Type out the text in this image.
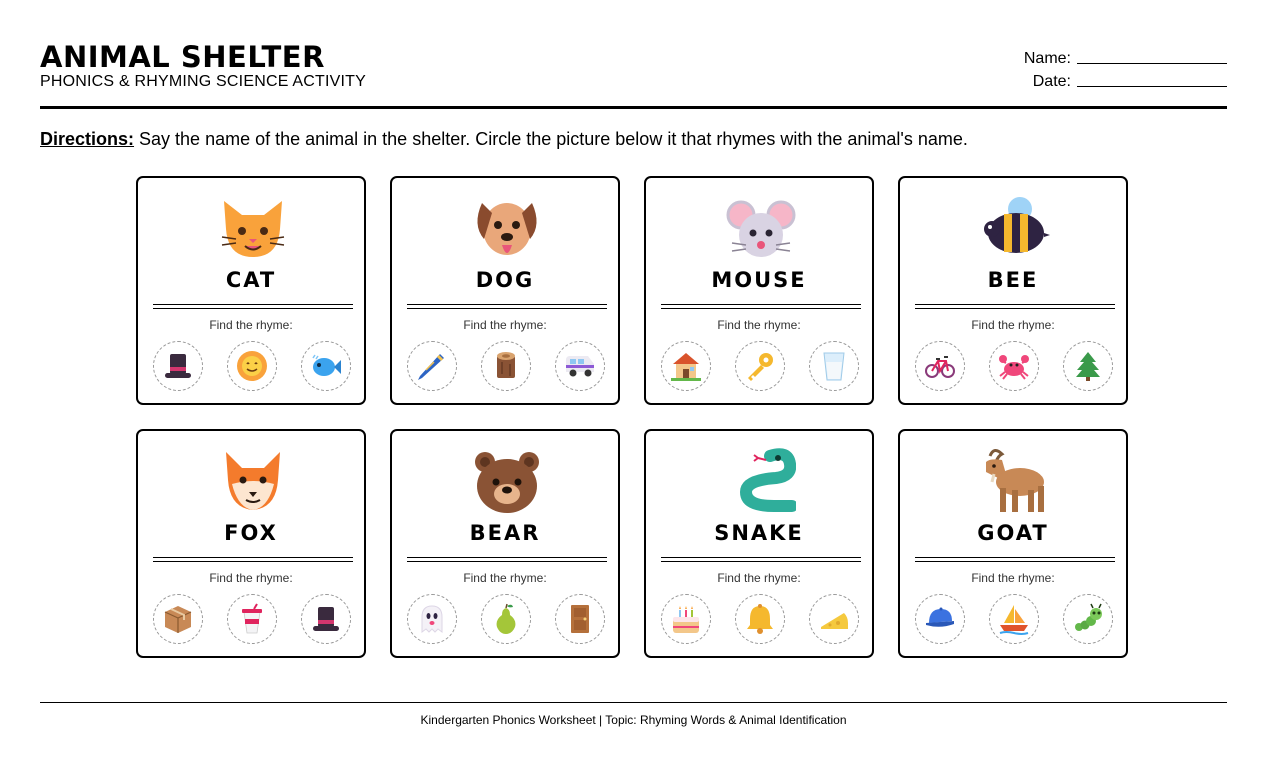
ANIMAL SHELTER
PHONICS & RHYMING SCIENCE ACTIVITY
Name:
Date:
Directions: Say the name of the animal in the shelter. Circle the picture below it that rhymes with the animal's name.
CAT
Find the rhyme:
DOG
Find the rhyme:
MOUSE
Find the rhyme:
BEE
Find the rhyme:
FOX
Find the rhyme:
BEAR
Find the rhyme:
SNAKE
Find the rhyme:
GOAT
Find the rhyme:
Kindergarten Phonics Worksheet | Topic: Rhyming Words & Animal Identification
